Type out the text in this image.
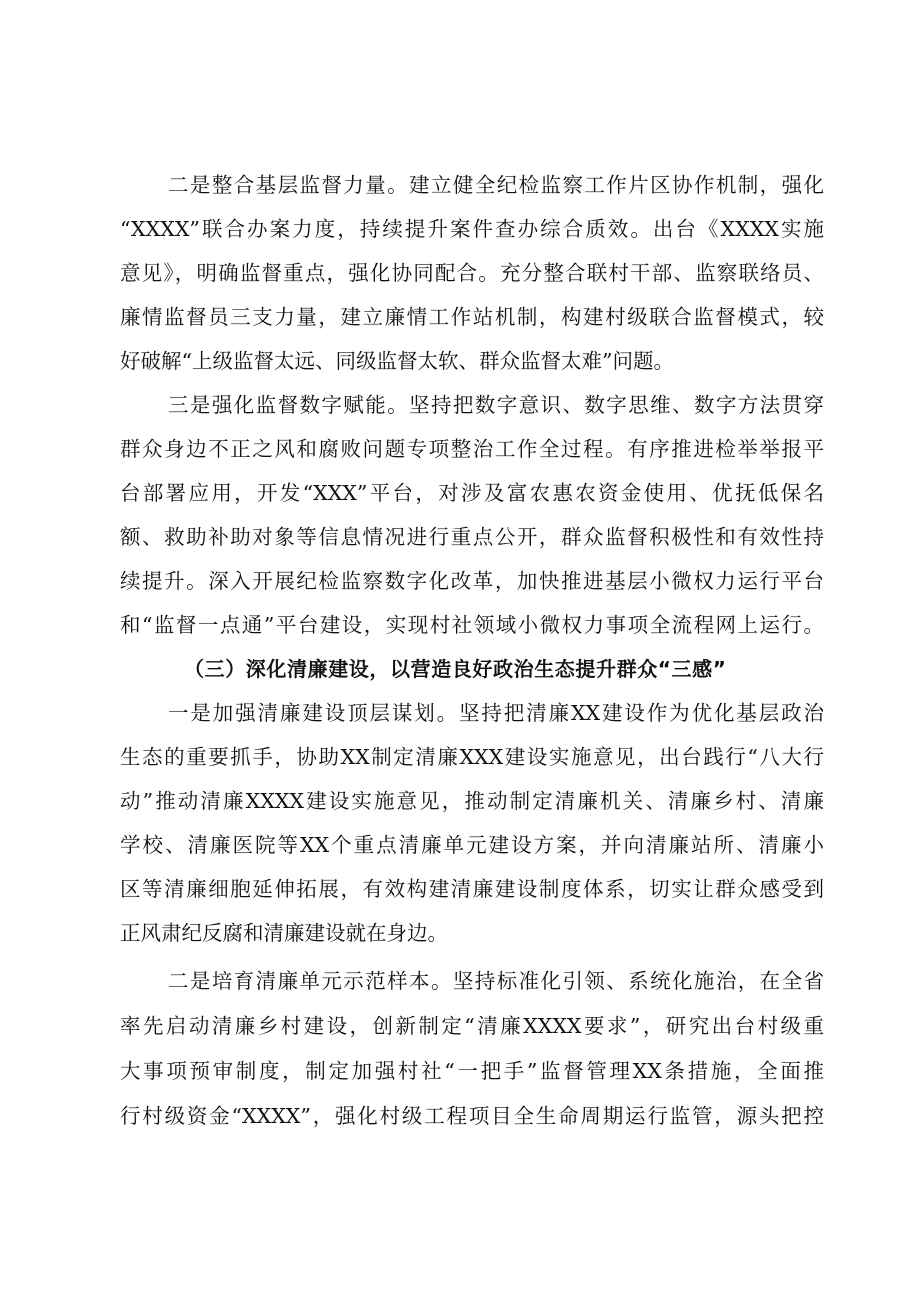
二是整合基层监督力量。建立健全纪检监察工作片区协作机制，强化
“XXXX”联合办案力度，持续提升案件查办综合质效。出台《XXXX实施
意见》，明确监督重点，强化协同配合。充分整合联村干部、监察联络员、
廉情监督员三支力量，建立廉情工作站机制，构建村级联合监督模式，较
好破解“上级监督太远、同级监督太软、群众监督太难”问题。
三是强化监督数字赋能。坚持把数字意识、数字思维、数字方法贯穿
群众身边不正之风和腐败问题专项整治工作全过程。有序推进检举举报平
台部署应用，开发“XXX”平台，对涉及富农惠农资金使用、优抚低保名
额、救助补助对象等信息情况进行重点公开，群众监督积极性和有效性持
续提升。深入开展纪检监察数字化改革，加快推进基层小微权力运行平台
和“监督一点通”平台建设，实现村社领域小微权力事项全流程网上运行。
（三）深化清廉建设，以营造良好政治生态提升群众“三感”
一是加强清廉建设顶层谋划。坚持把清廉XX建设作为优化基层政治
生态的重要抓手，协助XX制定清廉XXX建设实施意见，出台践行“八大行
动”推动清廉XXXX建设实施意见，推动制定清廉机关、清廉乡村、清廉
学校、清廉医院等XX个重点清廉单元建设方案，并向清廉站所、清廉小
区等清廉细胞延伸拓展，有效构建清廉建设制度体系，切实让群众感受到
正风肃纪反腐和清廉建设就在身边。
二是培育清廉单元示范样本。坚持标准化引领、系统化施治，在全省
率先启动清廉乡村建设，创新制定“清廉XXXX要求”，研究出台村级重
大事项预审制度，制定加强村社“一把手”监督管理XX条措施，全面推
行村级资金“XXXX”，强化村级工程项目全生命周期运行监管，源头把控
